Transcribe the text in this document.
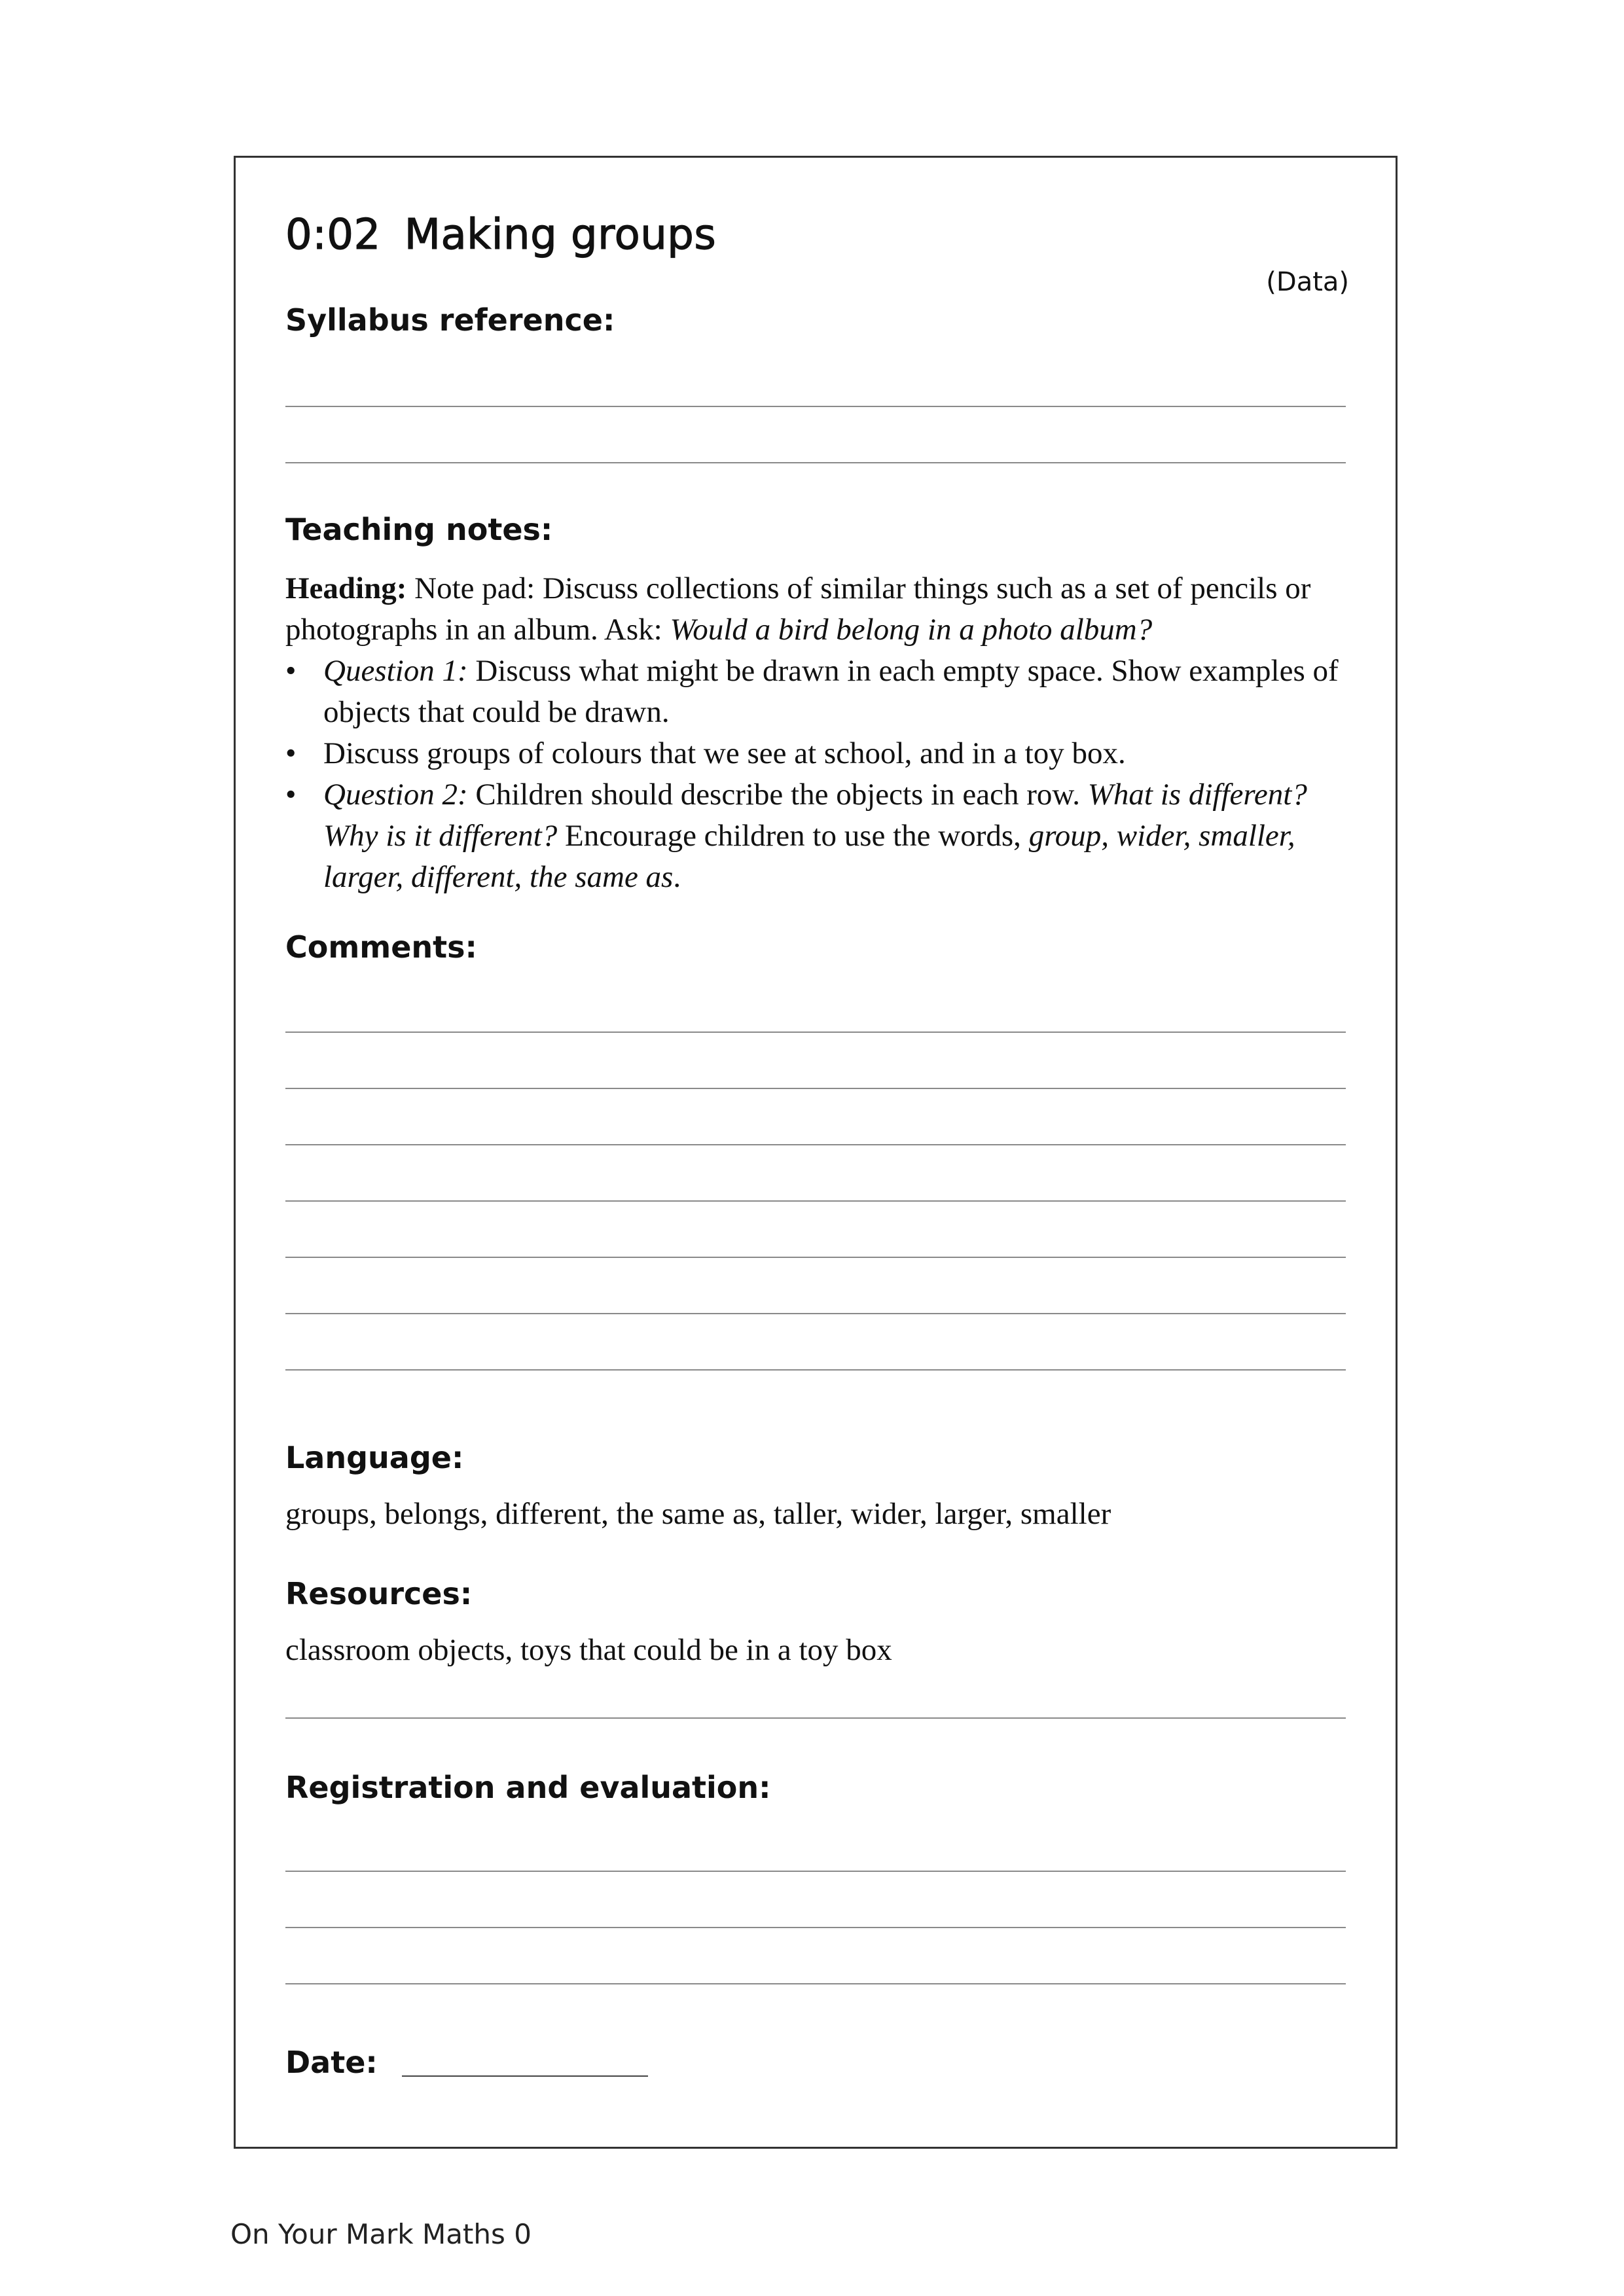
0:02 Making groups
(Data)
Syllabus reference:
Teaching notes:

Heading: Note pad: Discuss collections of similar things such as a set of pencils or photographs in an album. Ask: Would a bird belong in a photo album?

• Question 1: Discuss what might be drawn in each empty space. Show examples of objects that could be drawn.
• Discuss groups of colours that we see at school, and in a toy box.
• Question 2: Children should describe the objects in each row. What is different? Why is it different? Encourage children to use the words, group, wider, smaller, larger, different, the same as.
Comments:
Language:
groups, belongs, different, the same as, taller, wider, larger, smaller
Resources:
classroom objects, toys that could be in a toy box
Registration and evaluation:
Date:
On Your Mark Maths 0
